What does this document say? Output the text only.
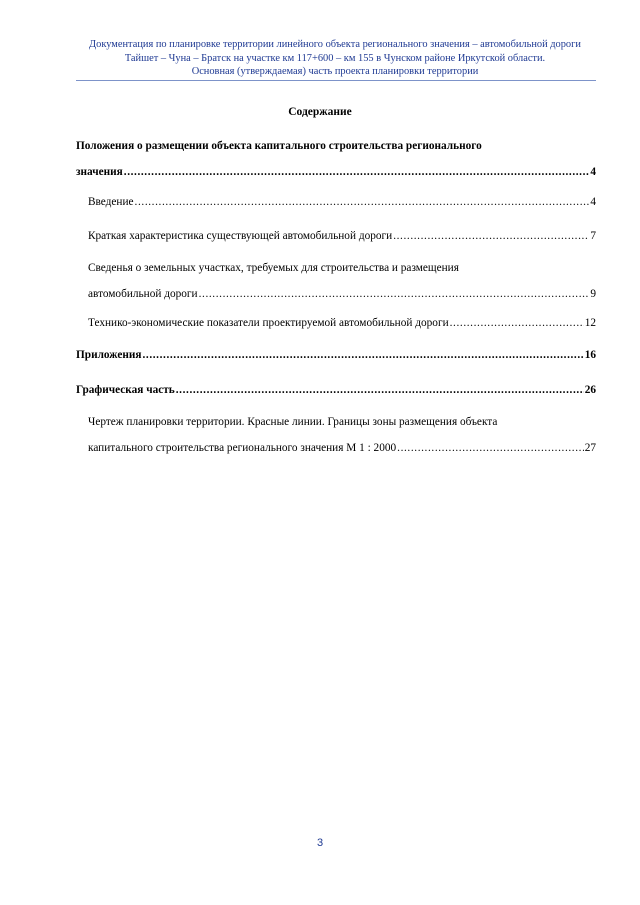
Документация по планировке территории линейного объекта регионального значения – автомобильной дороги
Тайшет – Чуна – Братск на участке км 117+600 – км 155 в Чунском районе Иркутской области.
Основная (утверждаемая) часть проекта планировки территории
Содержание
Положения о размещении объекта капитального строительства регионального
значения .....	4
Введение .....	4
Краткая характеристика существующей автомобильной дороги .....	7
Сведенья о земельных участках, требуемых для строительства и размещения
автомобильной дороги .....	9
Технико-экономические показатели проектируемой автомобильной дороги .....	12
Приложения .....	16
Графическая часть .....	26
Чертеж планировки территории. Красные линии. Границы зоны размещения объекта
капитального строительства регионального значения М 1 : 2000 .....	27
3
